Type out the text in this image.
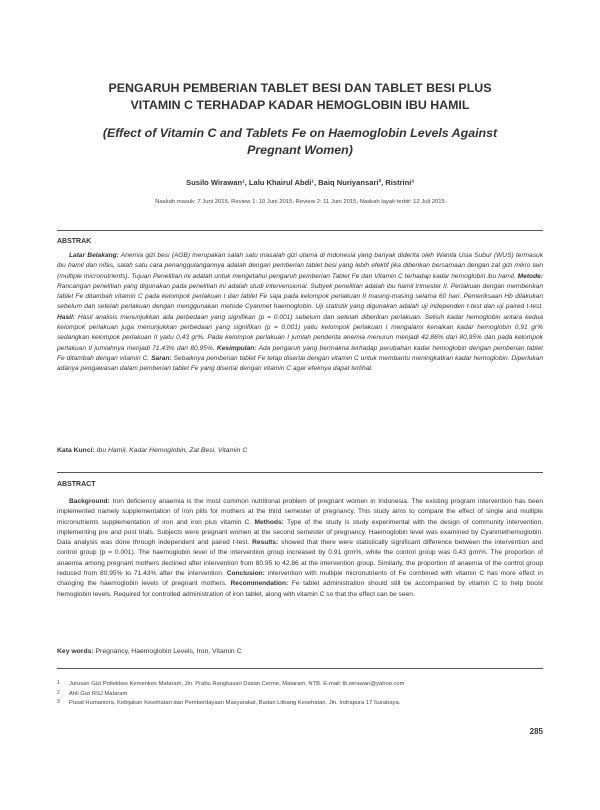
PENGARUH PEMBERIAN TABLET BESI DAN TABLET BESI PLUS
VITAMIN C TERHADAP KADAR HEMOGLOBIN IBU HAMIL
(Effect of Vitamin C and Tablets Fe on Haemoglobin Levels Against
Pregnant Women)
Susilo Wirawan¹, Lalu Khairul Abdi¹, Baiq Nuriyansari², Ristrini³
Naskah masuk: 7 Juni 2015, Review 1: 10 Juni 2015, Review 2: 11 Juni 2015, Naskah layak terbit: 12 Juli 2015
ABSTRAK

Latar Belakang: Anemia gizi besi (AGB) merupakan salah satu masalah gizi utama di Indonesia yang banyak diderita oleh Wanita Usia Subur (WUS) termasuk ibu hamil dan nifas, salah satu cara penanggulangannya adalah dengan pemberian tablet besi yang lebih efektif jika diberikan bersamaan dengan zat gizi mikro lain (multiple micronutrients). Tujuan Penelitian ini adalah untuk mengetahui pengaruh pemberian Tablet Fe dan Vitamin C terhadap kadar hemoglobin ibu hamil. Metode: Rancangan penelitian yang digunakan pada penelitian ini adalah studi intervensional. Subyek penelitian adalah ibu hamil trimester II. Perlakuan dengan memberikan tablet Fe ditambah vitamin C pada kelompok perlakuan I dan tablet Fe saja pada kelompok perlakuan II masing-masing selama 60 hari. Pemeriksaan Hb dilakukan sebelum dan setelah perlakuan dengan menggunakan metode Cyanmet haemoglobin. Uji statistik yang digunakan adalah uji independen t-test dan uji paired t-test. Hasil: Hasil analisis menunjukkan ada perbedaan yang signifikan (p = 0.001) sebelum dan setelah diberikan perlakuan. Selisih kadar hemoglobin antara kedua kelompok perlakuan juga menunjukkan perbedaan yang signifikan (p = 0,001) yaitu kelompok perlakuan I mengalami kenaikan kadar hemoglobin 0,91 gr% sedangkan kelompok perlakuan II yaitu 0,43 gr%. Pada kelompok perlakuan I jumlah penderita anemia menurun menjadi 42,86% dari 80,95% dan pada kelompok perlakuan II jumlahnya menjadi 71,43% dari 80,95%. Kesimpulan: Ada pengaruh yang bermakna terhadap perubahan kadar hemoglobin dengan pemberian tablet Fe ditambah dengan vitamin C. Saran: Sebaiknya pemberian tablet Fe tetap disertai dengan vitamin C untuk membantu meningkatkan kadar hemoglobin. Diperlukan adanya pengawasan dalam pemberian tablet Fe yang disertai dengan vitamin C agar efeknya dapat terlihat.

Kata Kunci: Ibu Hamil, Kadar Hemoglobin, Zat Besi, Vitamin C
ABSTRACT

Background: Iron deficiency anaemia is the most common nutritional problem of pregnant women in Indonesia. The existing program intervention has been implemented namely supplementation of iron pills for mothers at the third semester of pregnancy. This study aims to compare the effect of single and multiple micronutrients supplementation of iron and iron plus vitamin C. Methods: Type of the study is study experimental with the design of community intervention, implementing pre and post trials. Subjects were pregnant women at the second semester of pregnancy. Haemoglobin level was examined by Cyanmethemoglobin. Data analysis was done through independent and paired t-test. Results: showed that there were statistically significant difference between the intervention and control group (p = 0.001). The haemoglobin level of the intervention group increased by 0.91 grm%, while the control group was 0.43 grm%. The proportion of anaemia among pregnant mothers declined after intervention from 80.95 to 42.86 at the intervention group. Similarly, the proportion of anaemia of the control group reduced from 80.95% to 71.43% after the intervention. Conclusion: intervention with multiple micronutrients of Fe combined with vitamin C has more effect in changing the haemoglobin levels of pregnant mothers. Recommendation: Fe tablet administration should still be accompanied by vitamin C to help boost hemoglobin levels. Required for controlled administration of iron tablet, along with vitamin C so that the effect can be seen.

Key words: Pregnancy, Haemoglobin Levels, Iron, Vitamin C
1	Jurusan Gizi Poltekkes Kemenkes Mataram, Jln. Prabu Rangkasari Dasan Cerme, Mataram, NTB. E-mail: lb.wirawan@yahoo.com
2	Ahli Gizi RSJ Mataram
3	Pusat Humaniora, Kebijakan Kesehatan dan Pemberdayaan Masyarakat, Badan Litbang Kesehatan, Jln. Indrapura 17 Surabaya.
285
